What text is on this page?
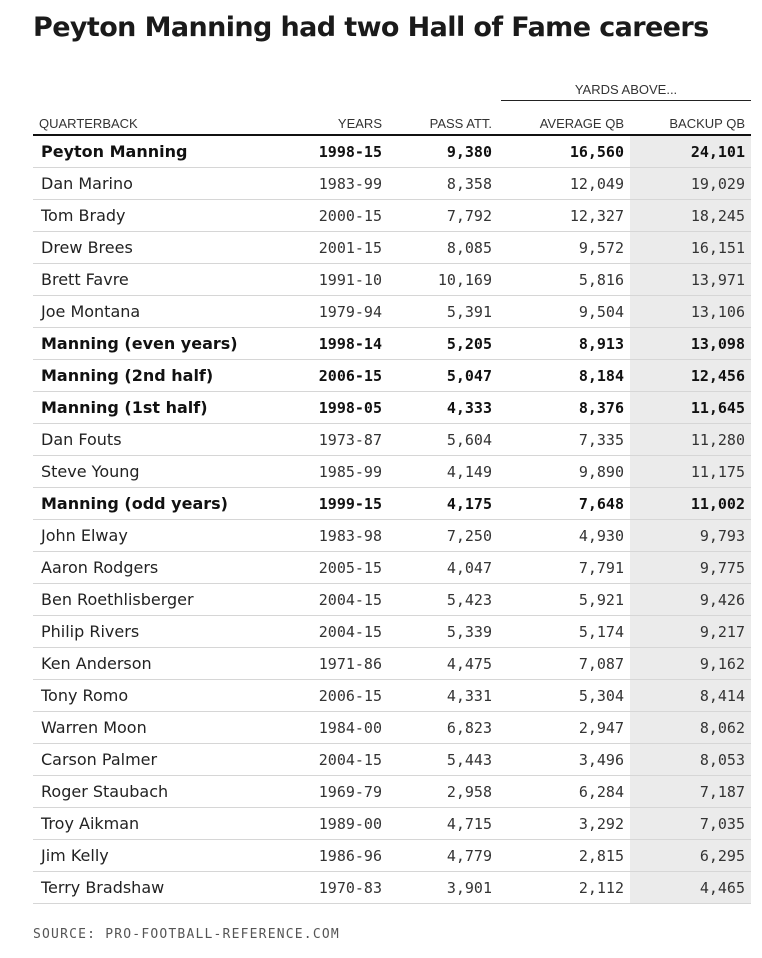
Peyton Manning had two Hall of Fame careers
YARDS ABOVE...
QUARTERBACK	YEARS	PASS ATT.	AVERAGE QB	BACKUP QB
Peyton Manning	1998-15	9,380	16,560	24,101
Dan Marino	1983-99	8,358	12,049	19,029
Tom Brady	2000-15	7,792	12,327	18,245
Drew Brees	2001-15	8,085	9,572	16,151
Brett Favre	1991-10	10,169	5,816	13,971
Joe Montana	1979-94	5,391	9,504	13,106
Manning (even years)	1998-14	5,205	8,913	13,098
Manning (2nd half)	2006-15	5,047	8,184	12,456
Manning (1st half)	1998-05	4,333	8,376	11,645
Dan Fouts	1973-87	5,604	7,335	11,280
Steve Young	1985-99	4,149	9,890	11,175
Manning (odd years)	1999-15	4,175	7,648	11,002
John Elway	1983-98	7,250	4,930	9,793
Aaron Rodgers	2005-15	4,047	7,791	9,775
Ben Roethlisberger	2004-15	5,423	5,921	9,426
Philip Rivers	2004-15	5,339	5,174	9,217
Ken Anderson	1971-86	4,475	7,087	9,162
Tony Romo	2006-15	4,331	5,304	8,414
Warren Moon	1984-00	6,823	2,947	8,062
Carson Palmer	2004-15	5,443	3,496	8,053
Roger Staubach	1969-79	2,958	6,284	7,187
Troy Aikman	1989-00	4,715	3,292	7,035
Jim Kelly	1986-96	4,779	2,815	6,295
Terry Bradshaw	1970-83	3,901	2,112	4,465

SOURCE: PRO-FOOTBALL-REFERENCE.COM
